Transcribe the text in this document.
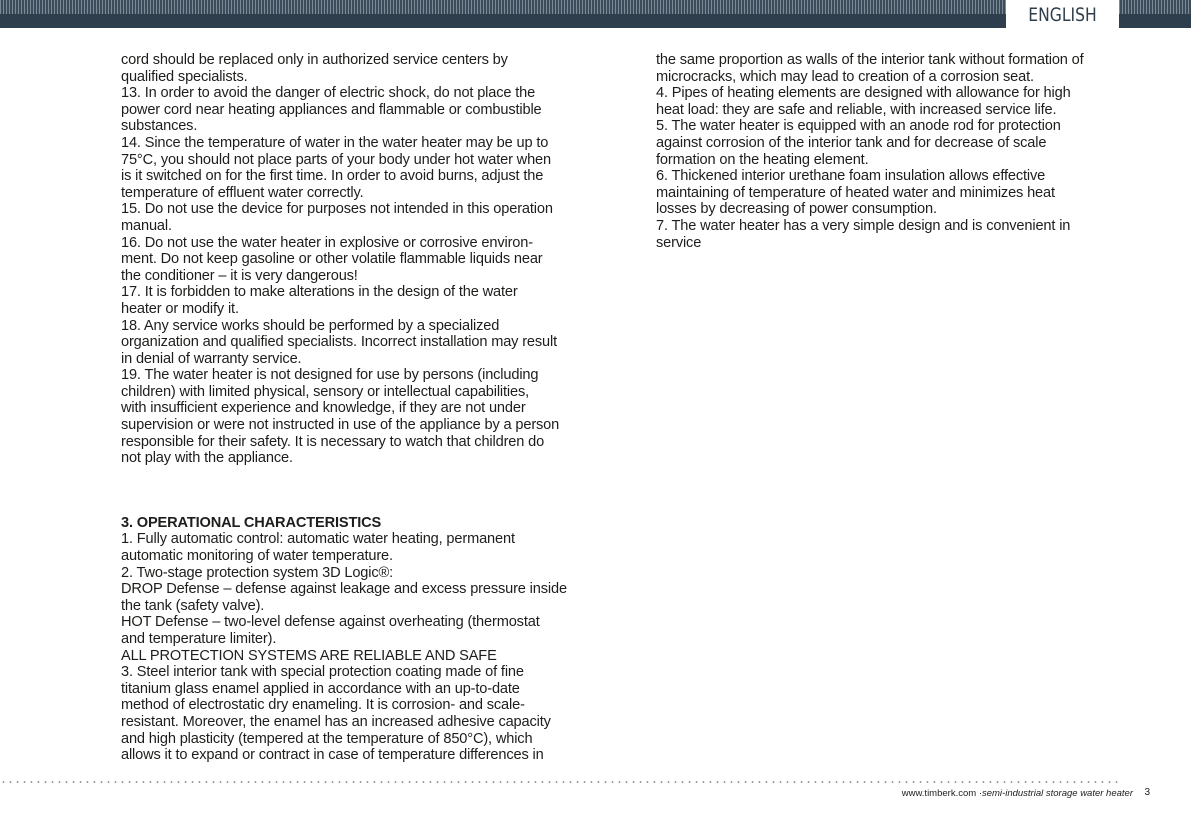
ENGLISH
cord should be replaced only in authorized service centers by
qualified specialists.
13. In order to avoid the danger of electric shock, do not place the
power cord near heating appliances and flammable or combustible
substances.
14. Since the temperature of water in the water heater may be up to
75°C, you should not place parts of your body under hot water when
is it switched on for the first time. In order to avoid burns, adjust the
temperature of effluent water correctly.
15. Do not use the device for purposes not intended in this operation
manual.
16. Do not use the water heater in explosive or corrosive environ-
ment. Do not keep gasoline or other volatile flammable liquids near
the conditioner – it is very dangerous!
17. It is forbidden to make alterations in the design of the water
heater or modify it.
18. Any service works should be performed by a specialized
organization and qualified specialists. Incorrect installation may result
in denial of warranty service.
19. The water heater is not designed for use by persons (including
children) with limited physical, sensory or intellectual capabilities,
with insufficient experience and knowledge, if they are not under
supervision or were not instructed in use of the appliance by a person
responsible for their safety. It is necessary to watch that children do
not play with the appliance.
3. OPERATIONAL CHARACTERISTICS
1. Fully automatic control: automatic water heating, permanent
automatic monitoring of water temperature.
2. Two-stage protection system 3D Logic®:
DROP Defense – defense against leakage and excess pressure inside
the tank (safety valve).
HOT Defense – two-level defense against overheating (thermostat
and temperature limiter).
ALL PROTECTION SYSTEMS ARE RELIABLE AND SAFE
3. Steel interior tank with special protection coating made of fine
titanium glass enamel applied in accordance with an up-to-date
method of electrostatic dry enameling. It is corrosion- and scale-
resistant. Moreover, the enamel has an increased adhesive capacity
and high plasticity (tempered at the temperature of 850°C), which
allows it to expand or contract in case of temperature differences in
the same proportion as walls of the interior tank without formation of
microcracks, which may lead to creation of a corrosion seat.
4. Pipes of heating elements are designed with allowance for high
heat load: they are safe and reliable, with increased service life.
5. The water heater is equipped with an anode rod for protection
against corrosion of the interior tank and for decrease of scale
formation on the heating element.
6. Thickened interior urethane foam insulation allows effective
maintaining of temperature of heated water and minimizes heat
losses by decreasing of power consumption.
7. The water heater has a very simple design and is convenient in
service
www.timberk.com ·semi-industrial storage water heater 3
